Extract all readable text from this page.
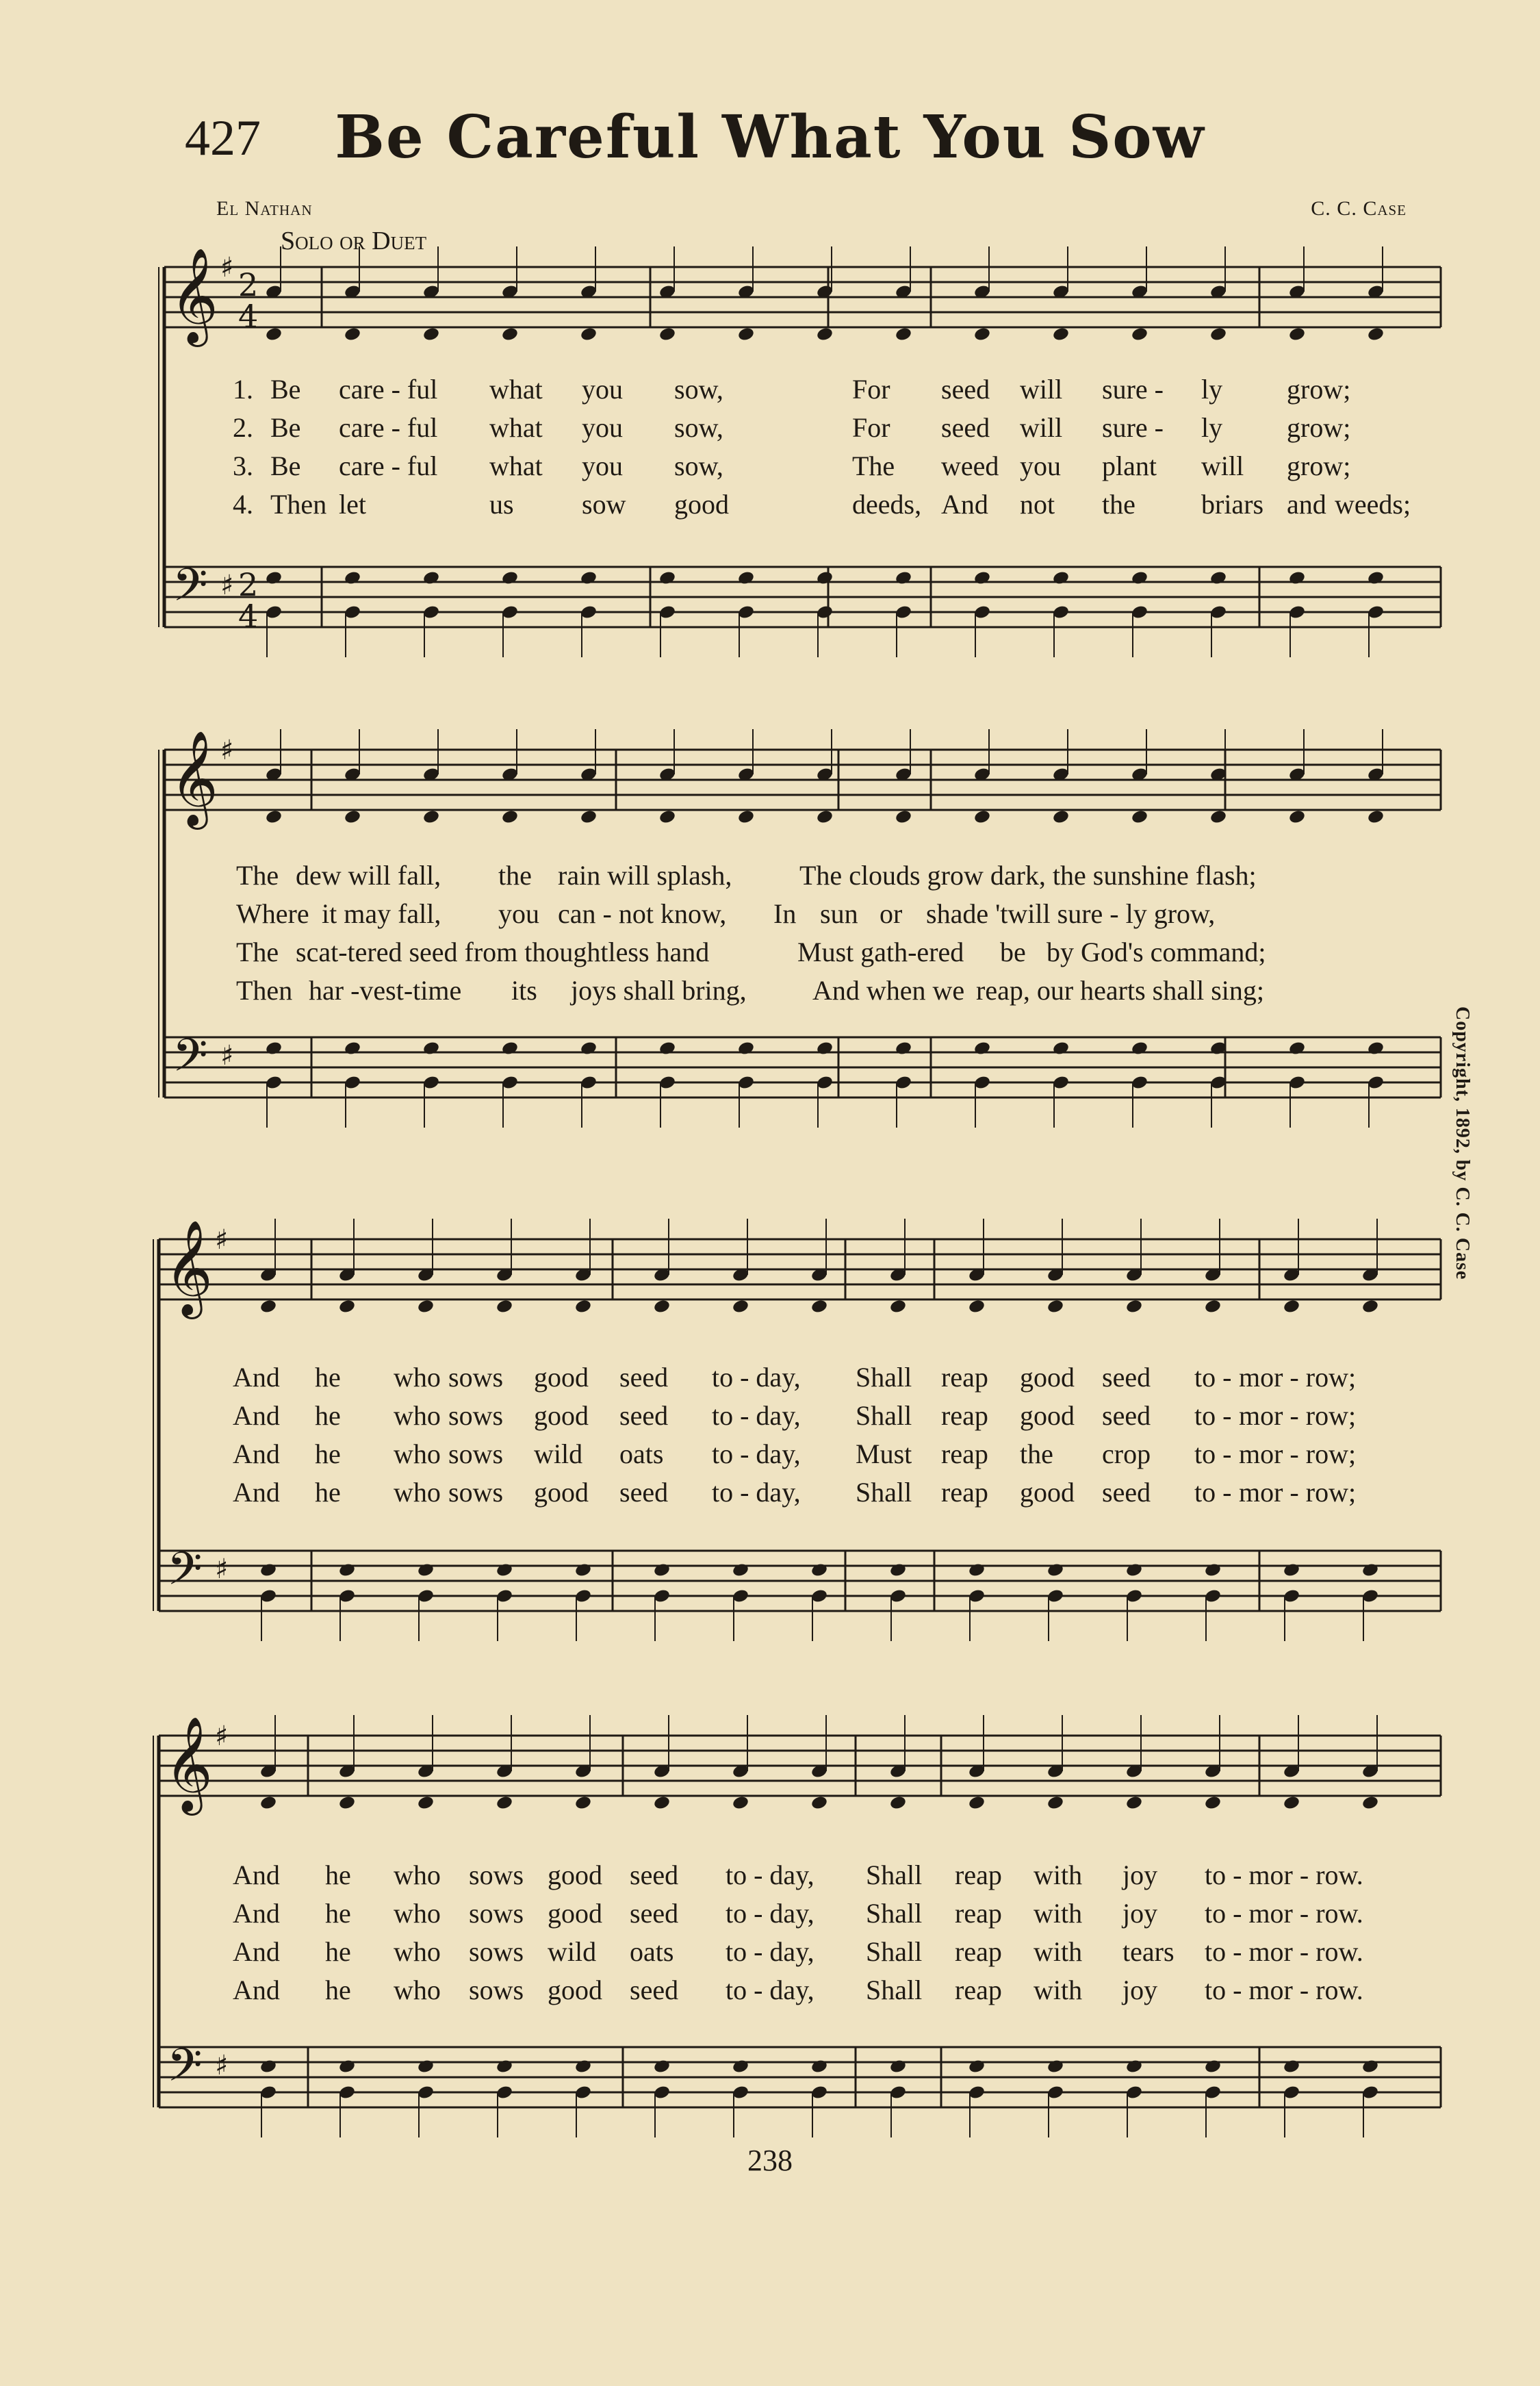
427	Be Careful What You Sow
El Nathan	C. C. Case
Solo or Duet
𝄞
𝄢
♯
♯
2
4
2
4
1. Be care - ful what you sow,	For seed will sure - ly grow;
2. Be care - ful what you sow,	For seed will sure - ly grow;
3. Be care - ful what you sow,	The weed you plant will grow;
4. Then let	us sow good	deeds, And not the briars and weeds;
𝄞
𝄢
♯
♯
The dew will fall, the rain will splash, The clouds grow dark, the sunshine flash;
Where it may fall, you can - not know, In sun or shade 'twill sure - ly grow,
The scat-tered seed from thoughtless hand	Must gath-ered be by God's command;
Then har -vest-time its joys shall bring, And when we reap, our hearts shall sing;
𝄞
𝄢
♯
♯
And he who sows good seed to - day, Shall reap good seed to - mor - row;
And he who sows good seed to - day, Shall reap good seed to - mor - row;
And he who sows wild oats to - day, Must reap the crop to - mor - row;
And he who sows good seed to - day, Shall reap good seed to - mor - row;
𝄞
𝄢
♯
♯
And he who sows good seed to - day, Shall reap with joy to - mor - row.
And he who sows good seed to - day, Shall reap with joy to - mor - row.
And he who sows wild oats to - day, Shall reap with tears to - mor - row.
And he who sows good seed to - day, Shall reap with joy to - mor - row.
Copyright, 1892, by C. C. Case
238
